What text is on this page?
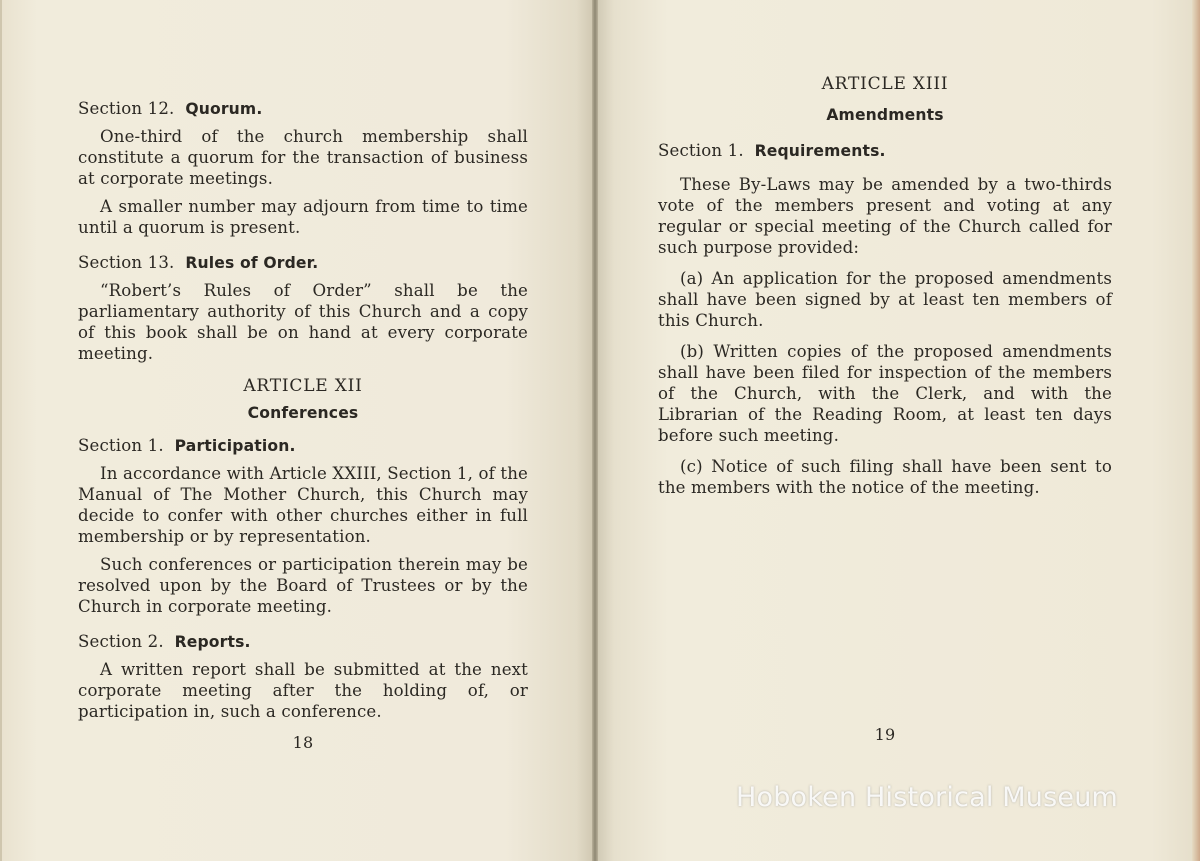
Section 12. Quorum.

One-third of the church membership shall constitute a quorum for the transaction of business at corporate meetings.

A smaller number may adjourn from time to time until a quorum is present.

Section 13. Rules of Order.

“Robert’s Rules of Order” shall be the parliamentary authority of this Church and a copy of this book shall be on hand at every corporate meeting.

ARTICLE XII
Conferences
Section 1. Participation.

In accordance with Article XXIII, Section 1, of the Manual of The Mother Church, this Church may decide to confer with other churches either in full membership or by representation.

Such conferences or participation therein may be resolved upon by the Board of Trustees or by the Church in corporate meeting.

Section 2. Reports.

A written report shall be submitted at the next corporate meeting after the holding of, or participation in, such a conference.

18
ARTICLE XIII
Amendments
Section 1. Requirements.

These By-Laws may be amended by a two-thirds vote of the members present and voting at any regular or special meeting of the Church called for such purpose provided:

(a) An application for the proposed amendments shall have been signed by at least ten members of this Church.

(b) Written copies of the proposed amendments shall have been filed for inspection of the members of the Church, with the Clerk, and with the Librarian of the Reading Room, at least ten days before such meeting.

(c) Notice of such filing shall have been sent to the members with the notice of the meeting.

19
Hoboken Historical Museum
